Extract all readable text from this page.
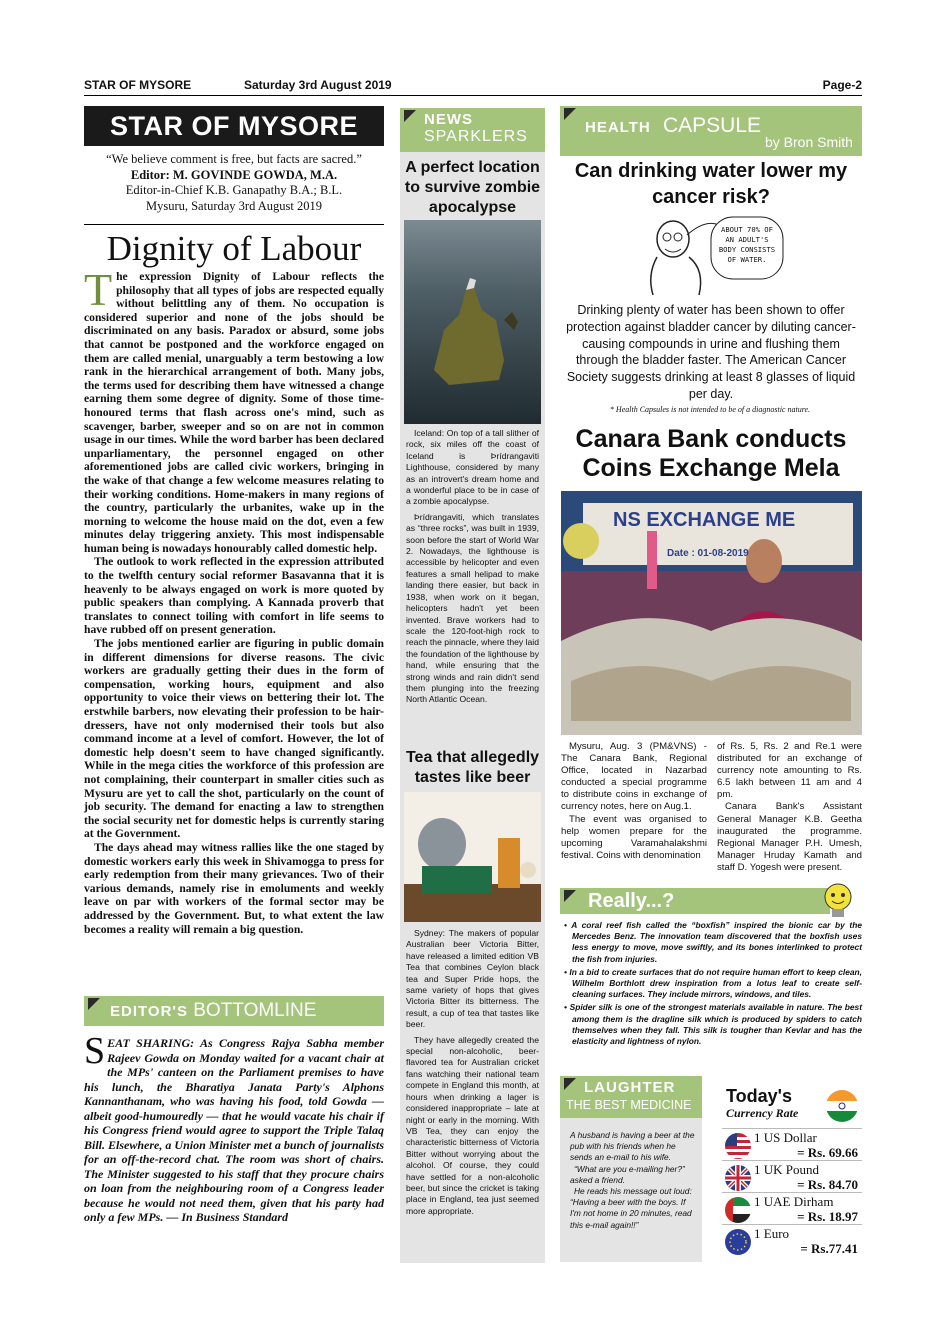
STAR OF MYSORE	Saturday 3rd August 2019	Page-2
STAR OF MYSORE
“We believe comment is free, but facts are sacred.”
Editor: M. GOVINDE GOWDA, M.A.
Editor-in-Chief K.B. Ganapathy B.A.; B.L.
Mysuru, Saturday 3rd August 2019
Dignity of Labour

The expression Dignity of Labour reflects the philosophy that all types of jobs are respected equally without belittling any of them. No occupation is considered superior and none of the jobs should be discriminated on any basis. Paradox or absurd, some jobs that cannot be postponed and the workforce engaged on them are called menial, unarguably a term bestowing a low rank in the hierarchical arrangement of both. Many jobs, the terms used for describing them have witnessed a change earning them some degree of dignity. Some of those time-honoured terms that flash across one's mind, such as scavenger, barber, sweeper and so on are not in common usage in our times. While the word barber has been declared unparliamentary, the personnel engaged on other aforementioned jobs are called civic workers, bringing in the wake of that change a few welcome measures relating to their working conditions. Home-makers in many regions of the country, particularly the urbanites, wake up in the morning to welcome the house maid on the dot, even a few minutes delay triggering anxiety. This most indispensable human being is nowadays honourably called domestic help.

The outlook to work reflected in the expression attributed to the twelfth century social reformer Basavanna that it is heavenly to be always engaged on work is more quoted by public speakers than complying. A Kannada proverb that translates to connect toiling with comfort in life seems to have rubbed off on present generation.

The jobs mentioned earlier are figuring in public domain in different dimensions for diverse reasons. The civic workers are gradually getting their dues in the form of compensation, working hours, equipment and also opportunity to voice their views on bettering their lot. The erstwhile barbers, now elevating their profession to be hair-dressers, have not only modernised their tools but also command income at a level of comfort. However, the lot of domestic help doesn't seem to have changed significantly. While in the mega cities the workforce of this profession are not complaining, their counterpart in smaller cities such as Mysuru are yet to call the shot, particularly on the count of job security. The demand for enacting a law to strengthen the social security net for domestic helps is currently staring at the Government.

The days ahead may witness rallies like the one staged by domestic workers early this week in Shivamogga to press for early redemption from their many grievances. Two of their various demands, namely rise in emoluments and weekly leave on par with workers of the formal sector may be addressed by the Government. But, to what extent the law becomes a reality will remain a big question.

EDITOR'S BOTTOMLINE
SEAT SHARING: As Congress Rajya Sabha member Rajeev Gowda on Monday waited for a vacant chair at the MPs' canteen on the Parliament premises to have his lunch, the Bharatiya Janata Party's Alphons Kannanthanam, who was having his food, told Gowda — albeit good-humouredly — that he would vacate his chair if his Congress friend would agree to support the Triple Talaq Bill. Elsewhere, a Union Minister met a bunch of journalists for an off-the-record chat. The room was short of chairs. The Minister suggested to his staff that they procure chairs on loan from the neighbouring room of a Congress leader because he would not need them, given that his party had only a few MPs. — In Business Standard
NEWS
SPARKLERS
A perfect location to survive zombie apocalypse

Iceland: On top of a tall slither of rock, six miles off the coast of Iceland is Þrídrangaviti Lighthouse, considered by many as an introvert's dream home and a wonderful place to be in case of a zombie apocalypse.

Þrídrangaviti, which translates as “three rocks”, was built in 1939, soon before the start of World War 2. Nowadays, the lighthouse is accessible by helicopter and even features a small helipad to make landing there easier, but back in 1938, when work on it began, helicopters hadn't yet been invented. Brave workers had to scale the 120-foot-high rock to reach the pinnacle, where they laid the foundation of the lighthouse by hand, while ensuring that the strong winds and rain didn't send them plunging into the freezing North Atlantic Ocean.

Tea that allegedly tastes like beer

Sydney: The makers of popular Australian beer Victoria Bitter, have released a limited edition VB Tea that combines Ceylon black tea and Super Pride hops, the same variety of hops that gives Victoria Bitter its bitterness. The result, a cup of tea that tastes like beer.

They have allegedly created the special non-alcoholic, beer-flavored tea for Australian cricket fans watching their national team compete in England this month, at hours when drinking a lager is considered inappropriate – late at night or early in the morning. With VB Tea, they can enjoy the characteristic bitterness of Victoria Bitter without worrying about the alcohol. Of course, they could have settled for a non-alcoholic beer, but since the cricket is taking place in England, tea just seemed more appropriate.

HEALTH CAPSULE
by Bron Smith
Can drinking water lower my cancer risk?
ABOUT 70% OF AN ADULT'S BODY CONSISTS OF WATER.
Drinking plenty of water has been shown to offer protection against bladder cancer by diluting cancer-causing compounds in urine and flushing them through the bladder faster. The American Cancer Society suggests drinking at least 8 glasses of liquid per day.
* Health Capsules is not intended to be of a diagnostic nature.
Canara Bank conducts Coins Exchange Mela
NS EXCHANGE ME
Date : 01-08-2019

Mysuru, Aug. 3 (PM&VNS) - The Canara Bank, Regional Office, located in Nazarbad conducted a special programme to distribute coins in exchange of currency notes, here on Aug.1.

The event was organised to help women prepare for the upcoming Varamahalakshmi festival. Coins with denomination

of Rs. 5, Rs. 2 and Re.1 were distributed for an exchange of currency note amounting to Rs. 6.5 lakh between 11 am and 4 pm.

Canara Bank's Assistant General Manager K.B. Geetha inaugurated the programme. Regional Manager P.H. Umesh, Manager Hruday Kamath and staff D. Yogesh were present.

Really...?
• A coral reef fish called the “boxfish” inspired the bionic car by the Mercedes Benz. The innovation team discovered that the boxfish uses less energy to move, move swiftly, and its bones interlinked to protect the fish from injuries.
• In a bid to create surfaces that do not require human effort to keep clean, Wilhelm Borthlott drew inspiration from a lotus leaf to create self-cleaning surfaces. They include mirrors, windows, and tiles.
• Spider silk is one of the strongest materials available in nature. The best among them is the dragline silk which is produced by spiders to catch themselves when they fall. This silk is tougher than Kevlar and has the elasticity and lightness of nylon.
LAUGHTER
THE BEST MEDICINE

A husband is having a beer at the pub with his friends when he sends an e-mail to his wife.

“What are you e-mailing her?” asked a friend.

He reads his message out loud: “Having a beer with the boys. If I'm not home in 20 minutes, read this e-mail again!!”

Today's
Currency Rate
1 US Dollar
= Rs. 69.66
1 UK Pound
= Rs. 84.70
1 UAE Dirham
= Rs. 18.97
1 Euro
= Rs.77.41
